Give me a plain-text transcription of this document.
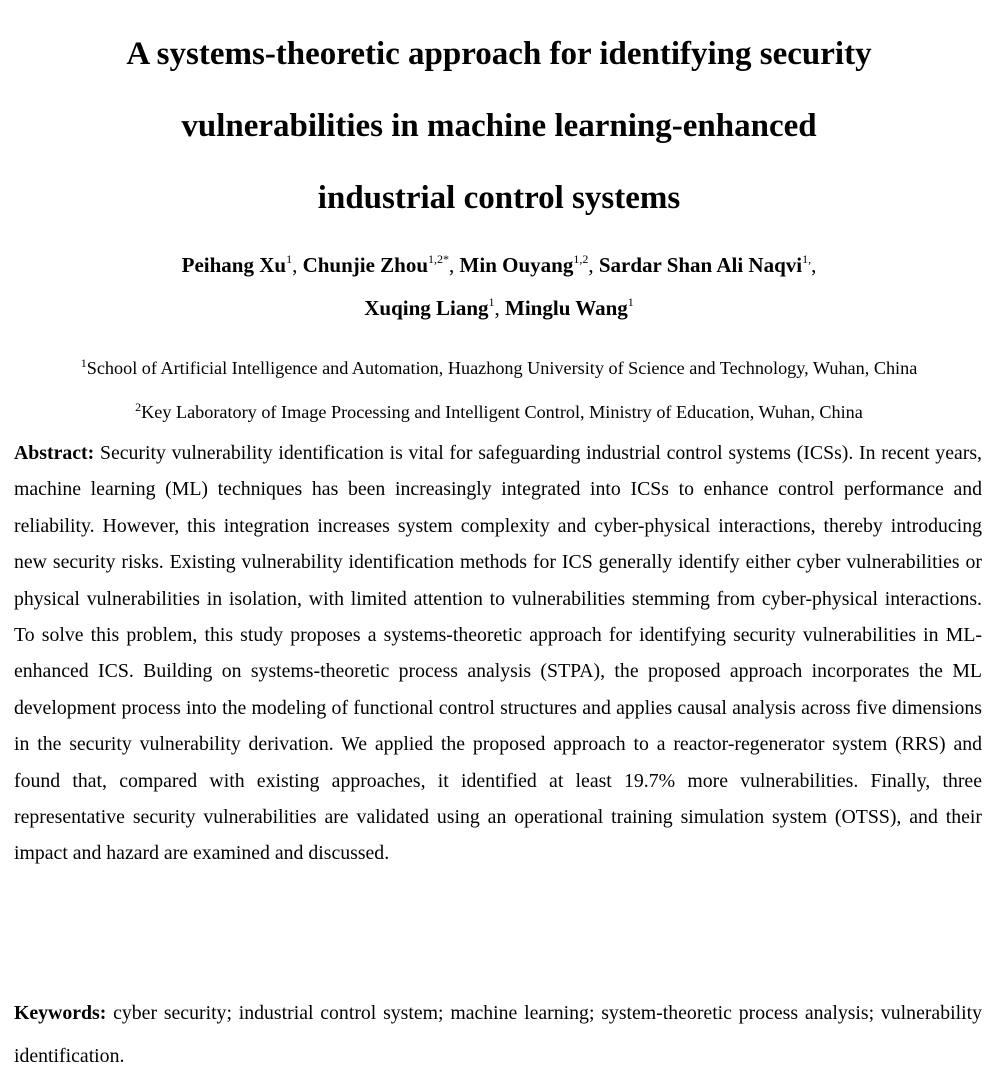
A systems-theoretic approach for identifying security
vulnerabilities in machine learning-enhanced
industrial control systems
Peihang Xu$^1$, Chunjie Zhou$^{1,2*}$, Min Ouyang$^{1,2}$, Sardar Shan Ali Naqvi$^{1,}$,
Xuqing Liang$^1$, Minglu Wang$^1$
$^1$School of Artificial Intelligence and Automation, Huazhong University of Science and Technology, Wuhan, China
$^2$Key Laboratory of Image Processing and Intelligent Control, Ministry of Education, Wuhan, China

Abstract: Security vulnerability identification is vital for safeguarding industrial control systems (ICSs). In recent years, machine learning (ML) techniques has been increasingly integrated into ICSs to enhance control performance and reliability. However, this integration increases system complexity and cyber-physical interactions, thereby introducing new security risks. Existing vulnerability identification methods for ICS generally identify either cyber vulnerabilities or physical vulnerabilities in isolation, with limited attention to vulnerabilities stemming from cyber-physical interactions. To solve this problem, this study proposes a systems-theoretic approach for identifying security vulnerabilities in ML-enhanced ICS. Building on systems-theoretic process analysis (STPA), the proposed approach incorporates the ML development process into the modeling of functional control structures and applies causal analysis across five dimensions in the security vulnerability derivation. We applied the proposed approach to a reactor-regenerator system (RRS) and found that, compared with existing approaches, it identified at least 19.7% more vulnerabilities. Finally, three representative security vulnerabilities are validated using an operational training simulation system (OTSS), and their impact and hazard are examined and discussed.

Keywords: cyber security; industrial control system; machine learning; system-theoretic process analysis; vulnerability identification.
